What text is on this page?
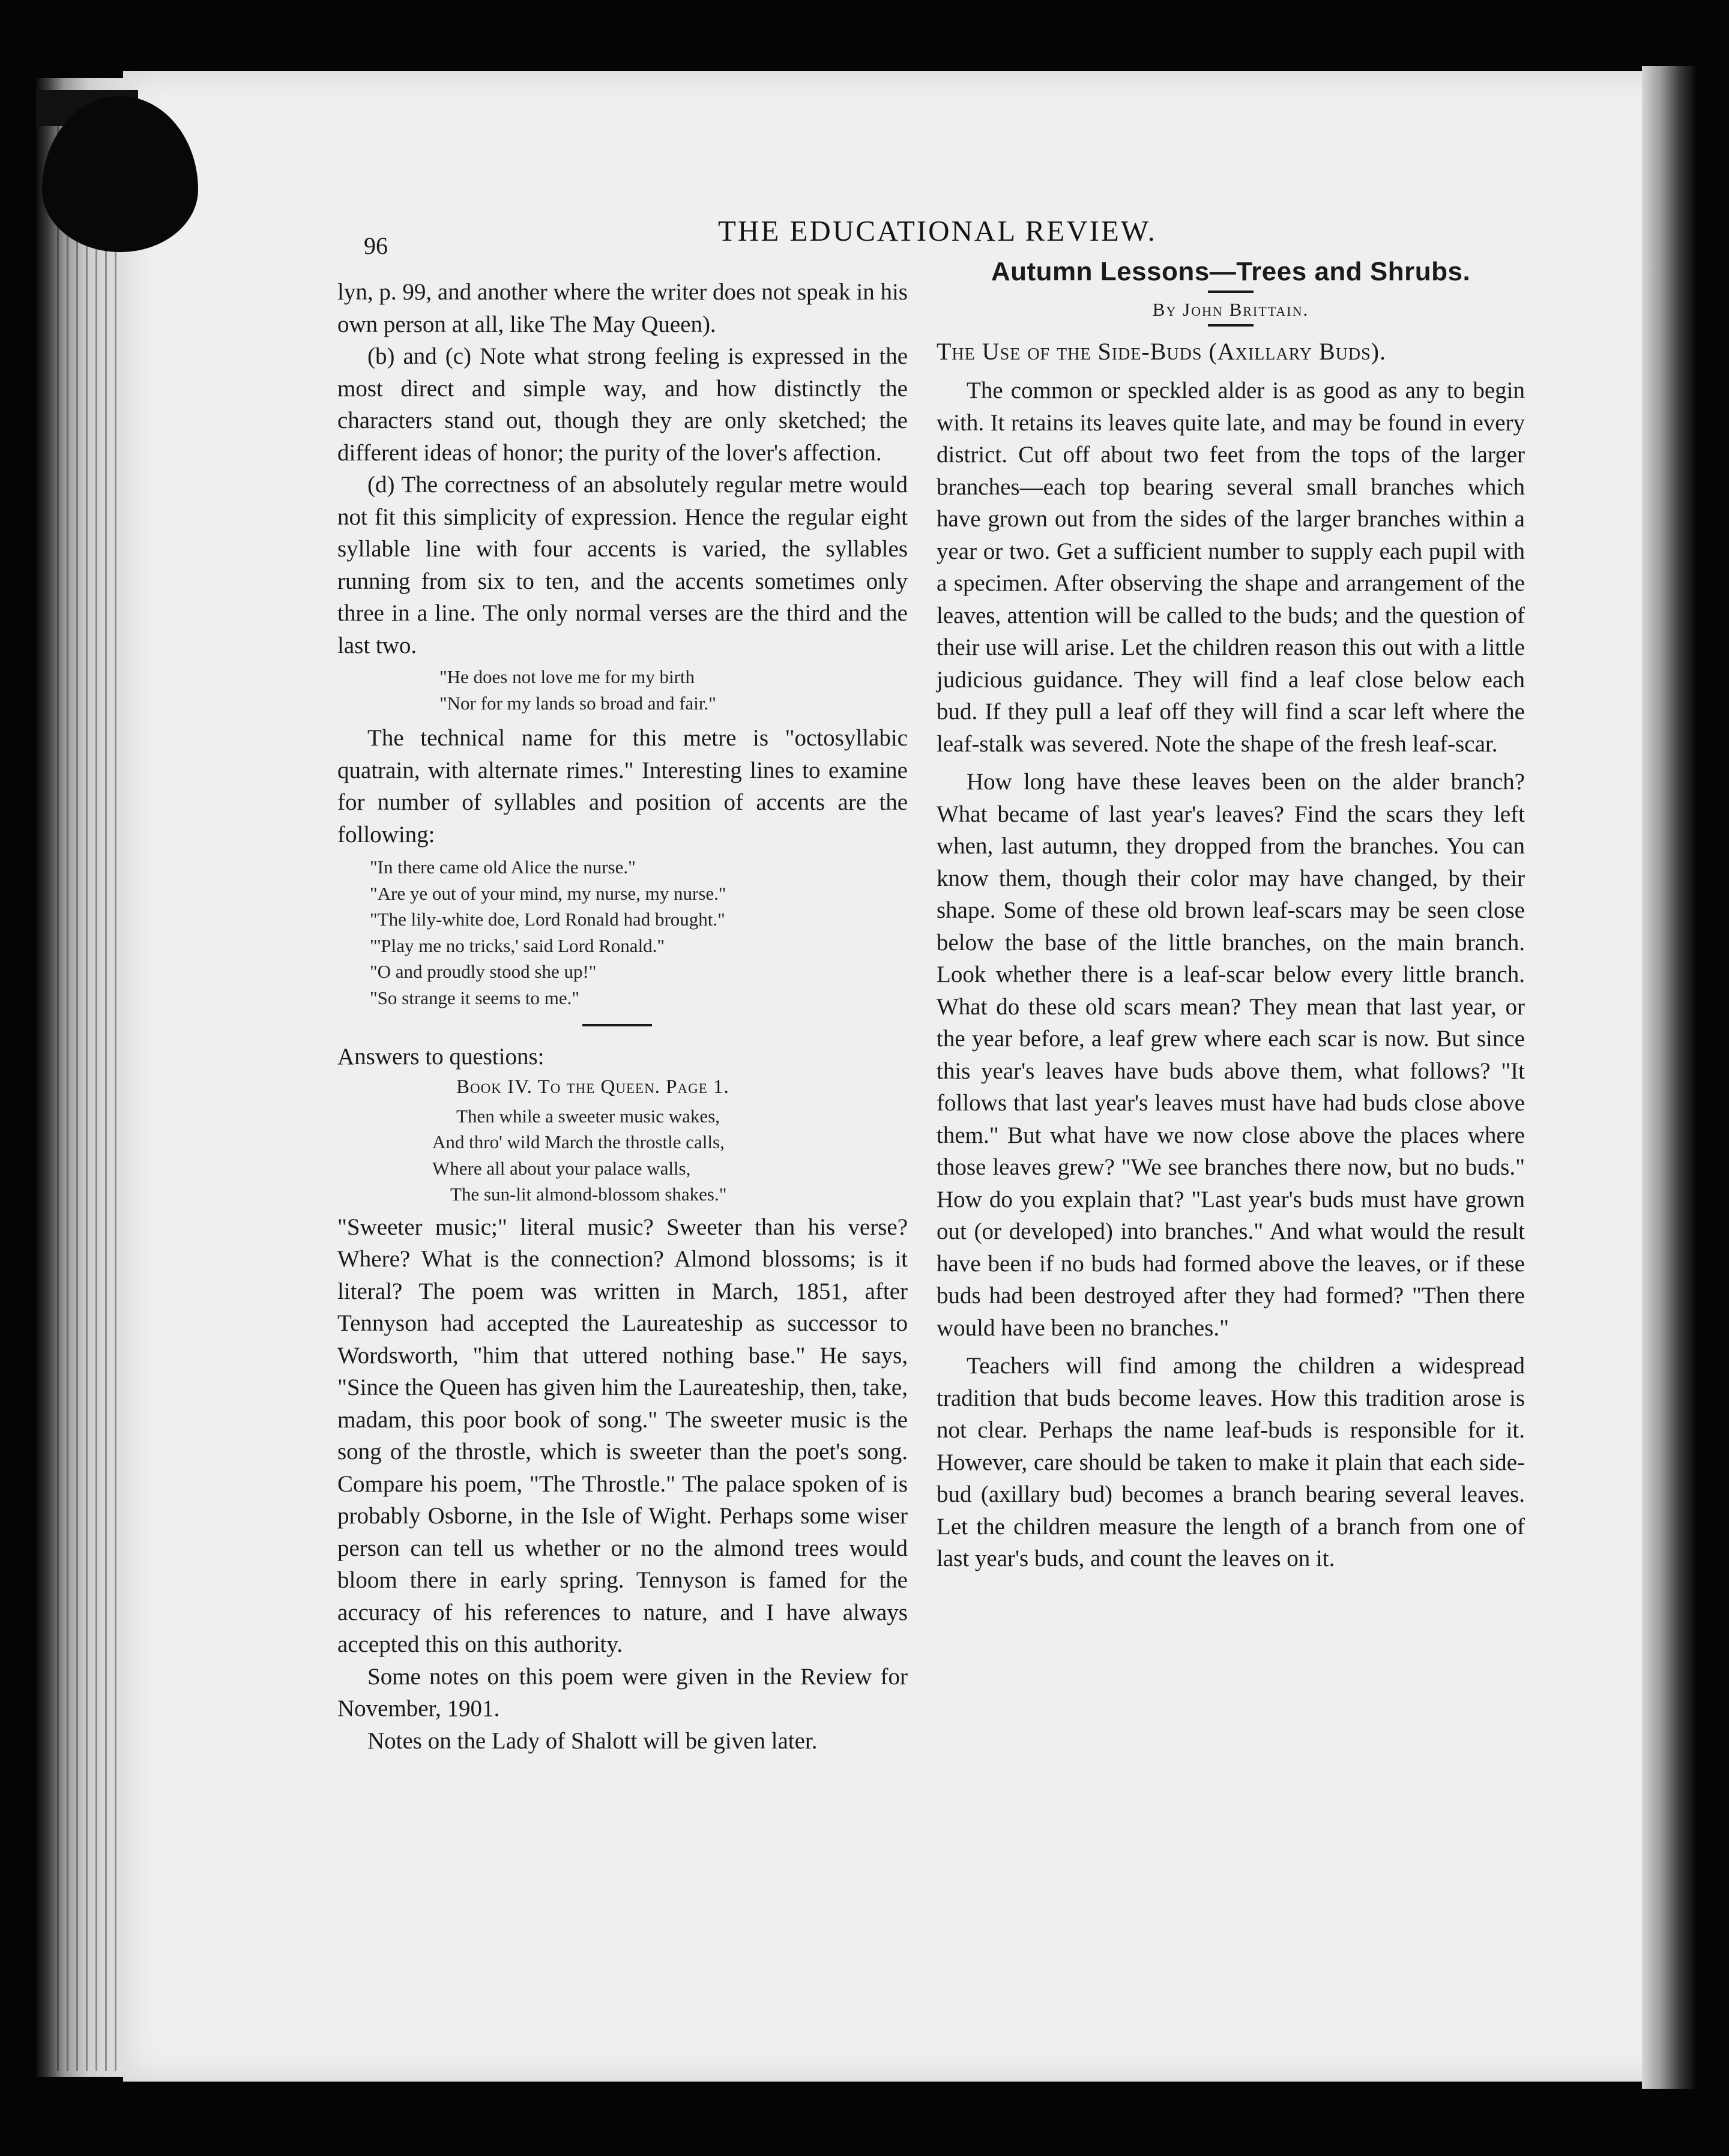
96	THE EDUCATIONAL REVIEW.

lyn, p. 99, and another where the writer does not speak in his own person at all, like The May Queen).

(b) and (c) Note what strong feeling is expressed in the most direct and simple way, and how distinctly the characters stand out, though they are only sketched; the different ideas of honor; the purity of the lover's affection.

(d) The correctness of an absolutely regular metre would not fit this simplicity of expression. Hence the regular eight syllable line with four accents is varied, the syllables running from six to ten, and the accents sometimes only three in a line. The only normal verses are the third and the last two.

"He does not love me for my birth
"Nor for my lands so broad and fair."

The technical name for this metre is "octosyllabic quatrain, with alternate rimes." Interesting lines to examine for number of syllables and position of accents are the following:

"In there came old Alice the nurse."
"Are ye out of your mind, my nurse, my nurse."
"The lily-white doe, Lord Ronald had brought."
"'Play me no tricks,' said Lord Ronald."
"O and proudly stood she up!"
"So strange it seems to me."

Answers to questions:

Book IV. To the Queen. Page 1.
Then while a sweeter music wakes,
And thro' wild March the throstle calls,
Where all about your palace walls,
The sun-lit almond-blossom shakes."

"Sweeter music;" literal music? Sweeter than his verse? Where? What is the connection? Almond blossoms; is it literal? The poem was written in March, 1851, after Tennyson had accepted the Laureateship as successor to Wordsworth, "him that uttered nothing base." He says, "Since the Queen has given him the Laureateship, then, take, madam, this poor book of song." The sweeter music is the song of the throstle, which is sweeter than the poet's song. Compare his poem, "The Throstle." The palace spoken of is probably Osborne, in the Isle of Wight. Perhaps some wiser person can tell us whether or no the almond trees would bloom there in early spring. Tennyson is famed for the accuracy of his references to nature, and I have always accepted this on this authority.

Some notes on this poem were given in the Review for November, 1901.

Notes on the Lady of Shalott will be given later.

Autumn Lessons—Trees and Shrubs.
By John Brittain.
The Use of the Side-Buds (Axillary Buds).

The common or speckled alder is as good as any to begin with. It retains its leaves quite late, and may be found in every district. Cut off about two feet from the tops of the larger branches—each top bearing several small branches which have grown out from the sides of the larger branches within a year or two. Get a sufficient number to supply each pupil with a specimen. After observing the shape and arrangement of the leaves, attention will be called to the buds; and the question of their use will arise. Let the children reason this out with a little judicious guidance. They will find a leaf close below each bud. If they pull a leaf off they will find a scar left where the leaf-stalk was severed. Note the shape of the fresh leaf-scar.

How long have these leaves been on the alder branch? What became of last year's leaves? Find the scars they left when, last autumn, they dropped from the branches. You can know them, though their color may have changed, by their shape. Some of these old brown leaf-scars may be seen close below the base of the little branches, on the main branch. Look whether there is a leaf-scar below every little branch. What do these old scars mean? They mean that last year, or the year before, a leaf grew where each scar is now. But since this year's leaves have buds above them, what follows? "It follows that last year's leaves must have had buds close above them." But what have we now close above the places where those leaves grew? "We see branches there now, but no buds." How do you explain that? "Last year's buds must have grown out (or developed) into branches." And what would the result have been if no buds had formed above the leaves, or if these buds had been destroyed after they had formed? "Then there would have been no branches."

Teachers will find among the children a widespread tradition that buds become leaves. How this tradition arose is not clear. Perhaps the name leaf-buds is responsible for it. However, care should be taken to make it plain that each side-bud (axillary bud) becomes a branch bearing several leaves. Let the children measure the length of a branch from one of last year's buds, and count the leaves on it.
